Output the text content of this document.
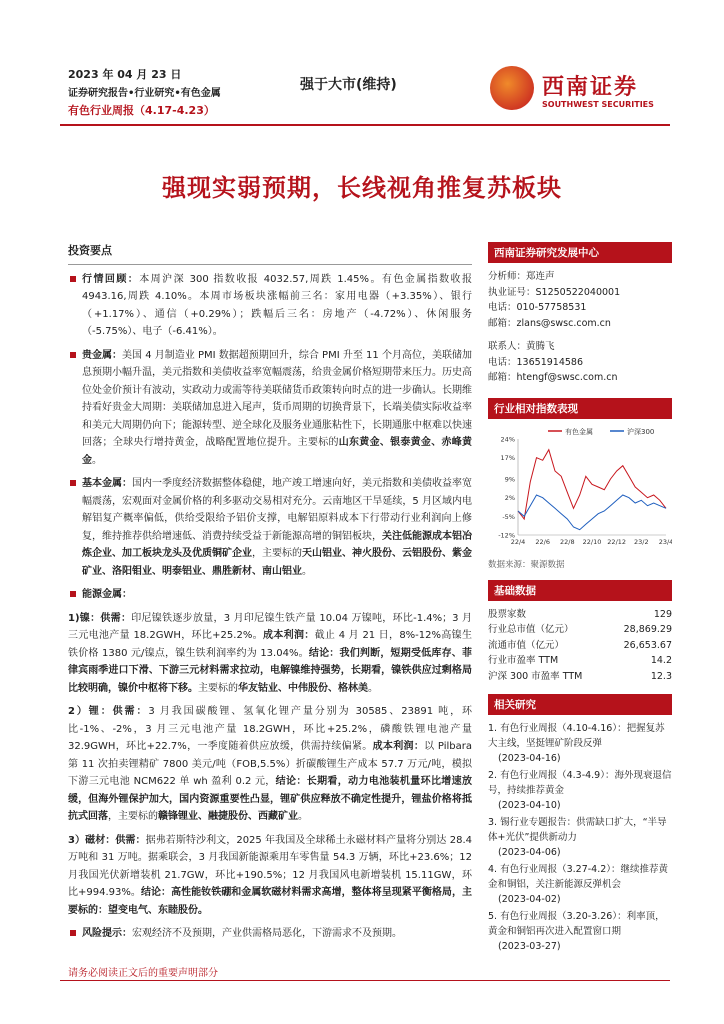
2023 年 04 月 23 日
证券研究报告•行业研究•有色金属
有色行业周报（4.17-4.23）
强于大市(维持)	西南证券
SOUTHWEST SECURITIES
强现实弱预期，长线视角推复苏板块
投资要点
行情回顾：本周沪深 300 指数收报 4032.57,周跌 1.45%。有色金属指数收报 4943.16,周跌 4.10%。本周市场板块涨幅前三名：家用电器（+3.35%）、银行（+1.17%）、通信（+0.29%）；跌幅后三名：房地产（-4.72%）、休闲服务（-5.75%）、电子（-6.41%）。
贵金属：美国 4 月制造业 PMI 数据超预期回升，综合 PMI 升至 11 个月高位，美联储加息预期小幅升温，美元指数和美债收益率宽幅震荡，给贵金属价格短期带来压力。历史高位处金价预计有波动，实政动力或需等待美联储货币政策转向时点的进一步确认。长期维持看好贵金大周期：美联储加息进入尾声，货币周期的切换背景下，长端美债实际收益率和美元大周期仍向下；能源转型、逆全球化及服务业通胀粘性下，长期通胀中枢难以快速回落；全球央行增持黄金，战略配置地位提升。主要标的山东黄金、银泰黄金、赤峰黄金。
基本金属：国内一季度经济数据整体稳健，地产竣工增速向好，美元指数和美债收益率宽幅震荡，宏观面对金属价格的利多驱动交易相对充分。云南地区干旱延续，5 月区域内电解铝复产概率偏低，供给受限给予铝价支撑，电解铝原料成本下行带动行业利润向上修复，维持推荐供给增速低、消费持续受益于新能源高增的铜铝板块，关注低能源成本铝冶炼企业、加工板块龙头及优质铜矿企业，主要标的天山铝业、神火股份、云铝股份、紫金矿业、洛阳钼业、明泰铝业、鼎胜新材、南山铝业。
能源金属：
1)镍：供需：印尼镍铁逐步放量，3 月印尼镍生铁产量 10.04 万镍吨，环比-1.4%；3 月三元电池产量 18.2GWH，环比+25.2%。成本利润：截止 4 月 21 日，8%-12%高镍生铁价格 1380 元/镍点，镍生铁利润率约为 13.04%。结论：我们判断，短期受低库存、菲律宾雨季进口下滑、下游三元材料需求拉动，电解镍维持强势，长期看，镍铁供应过剩格局比较明确，镍价中枢将下移。主要标的华友钴业、中伟股份、格林美。
2）锂：供需：3 月我国碳酸锂、氢氧化锂产量分别为 30585、23891 吨，环比-1%、-2%，3 月三元电池产量 18.2GWH，环比+25.2%，磷酸铁锂电池产量 32.9GWH，环比+22.7%，一季度随着供应放缓，供需持续偏紧。成本利润：以 Pilbara 第 11 次拍卖锂精矿 7800 美元/吨（FOB,5.5%）折碳酸锂生产成本 57.7 万元/吨，模拟下游三元电池 NCM622 单 wh 盈利 0.2 元，结论：长期看，动力电池装机量环比增速放缓，但海外锂保护加大，国内资源重要性凸显，锂矿供应释放不确定性提升，锂盐价格将抵抗式回落，主要标的赣锋锂业、融捷股份、西藏矿业。
3）磁材：供需：据弗若斯特沙利文，2025 年我国及全球稀土永磁材料产量将分别达 28.4 万吨和 31 万吨。据乘联会，3 月我国新能源乘用车零售量 54.3 万辆，环比+23.6%；12 月我国光伏新增装机 21.7GW，环比+190.5%；12 月我国风电新增装机 15.11GW，环比+994.93%。结论：高性能钕铁硼和金属软磁材料需求高增，整体将呈现紧平衡格局，主要标的：望变电气、东睦股份。
风险提示：宏观经济不及预期，产业供需格局恶化，下游需求不及预期。
西南证券研究发展中心
分析师：郑连声
执业证号：S1250522040001
电话：010-57758531
邮箱：zlans@swsc.com.cn
联系人：黄腾飞
电话：13651914586
邮箱：htengf@swsc.com.cn
行业相对指数表现
有色金属	沪深300
24%
17%
9%
2%
-5%
-12%
22/4 22/6 22/8 22/10 22/12 23/2 23/4
数据来源：聚源数据
基础数据
股票家数	129
行业总市值（亿元）	28,869.29
流通市值（亿元）	26,653.67
行业市盈率 TTM	14.2
沪深 300 市盈率 TTM	12.3
相关研究
1. 有色行业周报（4.10-4.16）：把握复苏大主线，坚挺锂矿阶段反弹
(2023-04-16)
2. 有色行业周报（4.3-4.9）：海外现衰退信号，持续推荐黄金
(2023-04-10)
3. 锡行业专题报告：供需缺口扩大，“半导体+光伏”提供新动力
(2023-04-06)
4. 有色行业周报（3.27-4.2）：继续推荐黄金和铜铝，关注新能源反弹机会
(2023-04-02)
5. 有色行业周报（3.20-3.26）：利率顶，黄金和铜铝再次进入配置窗口期
(2023-03-27)
请务必阅读正文后的重要声明部分
